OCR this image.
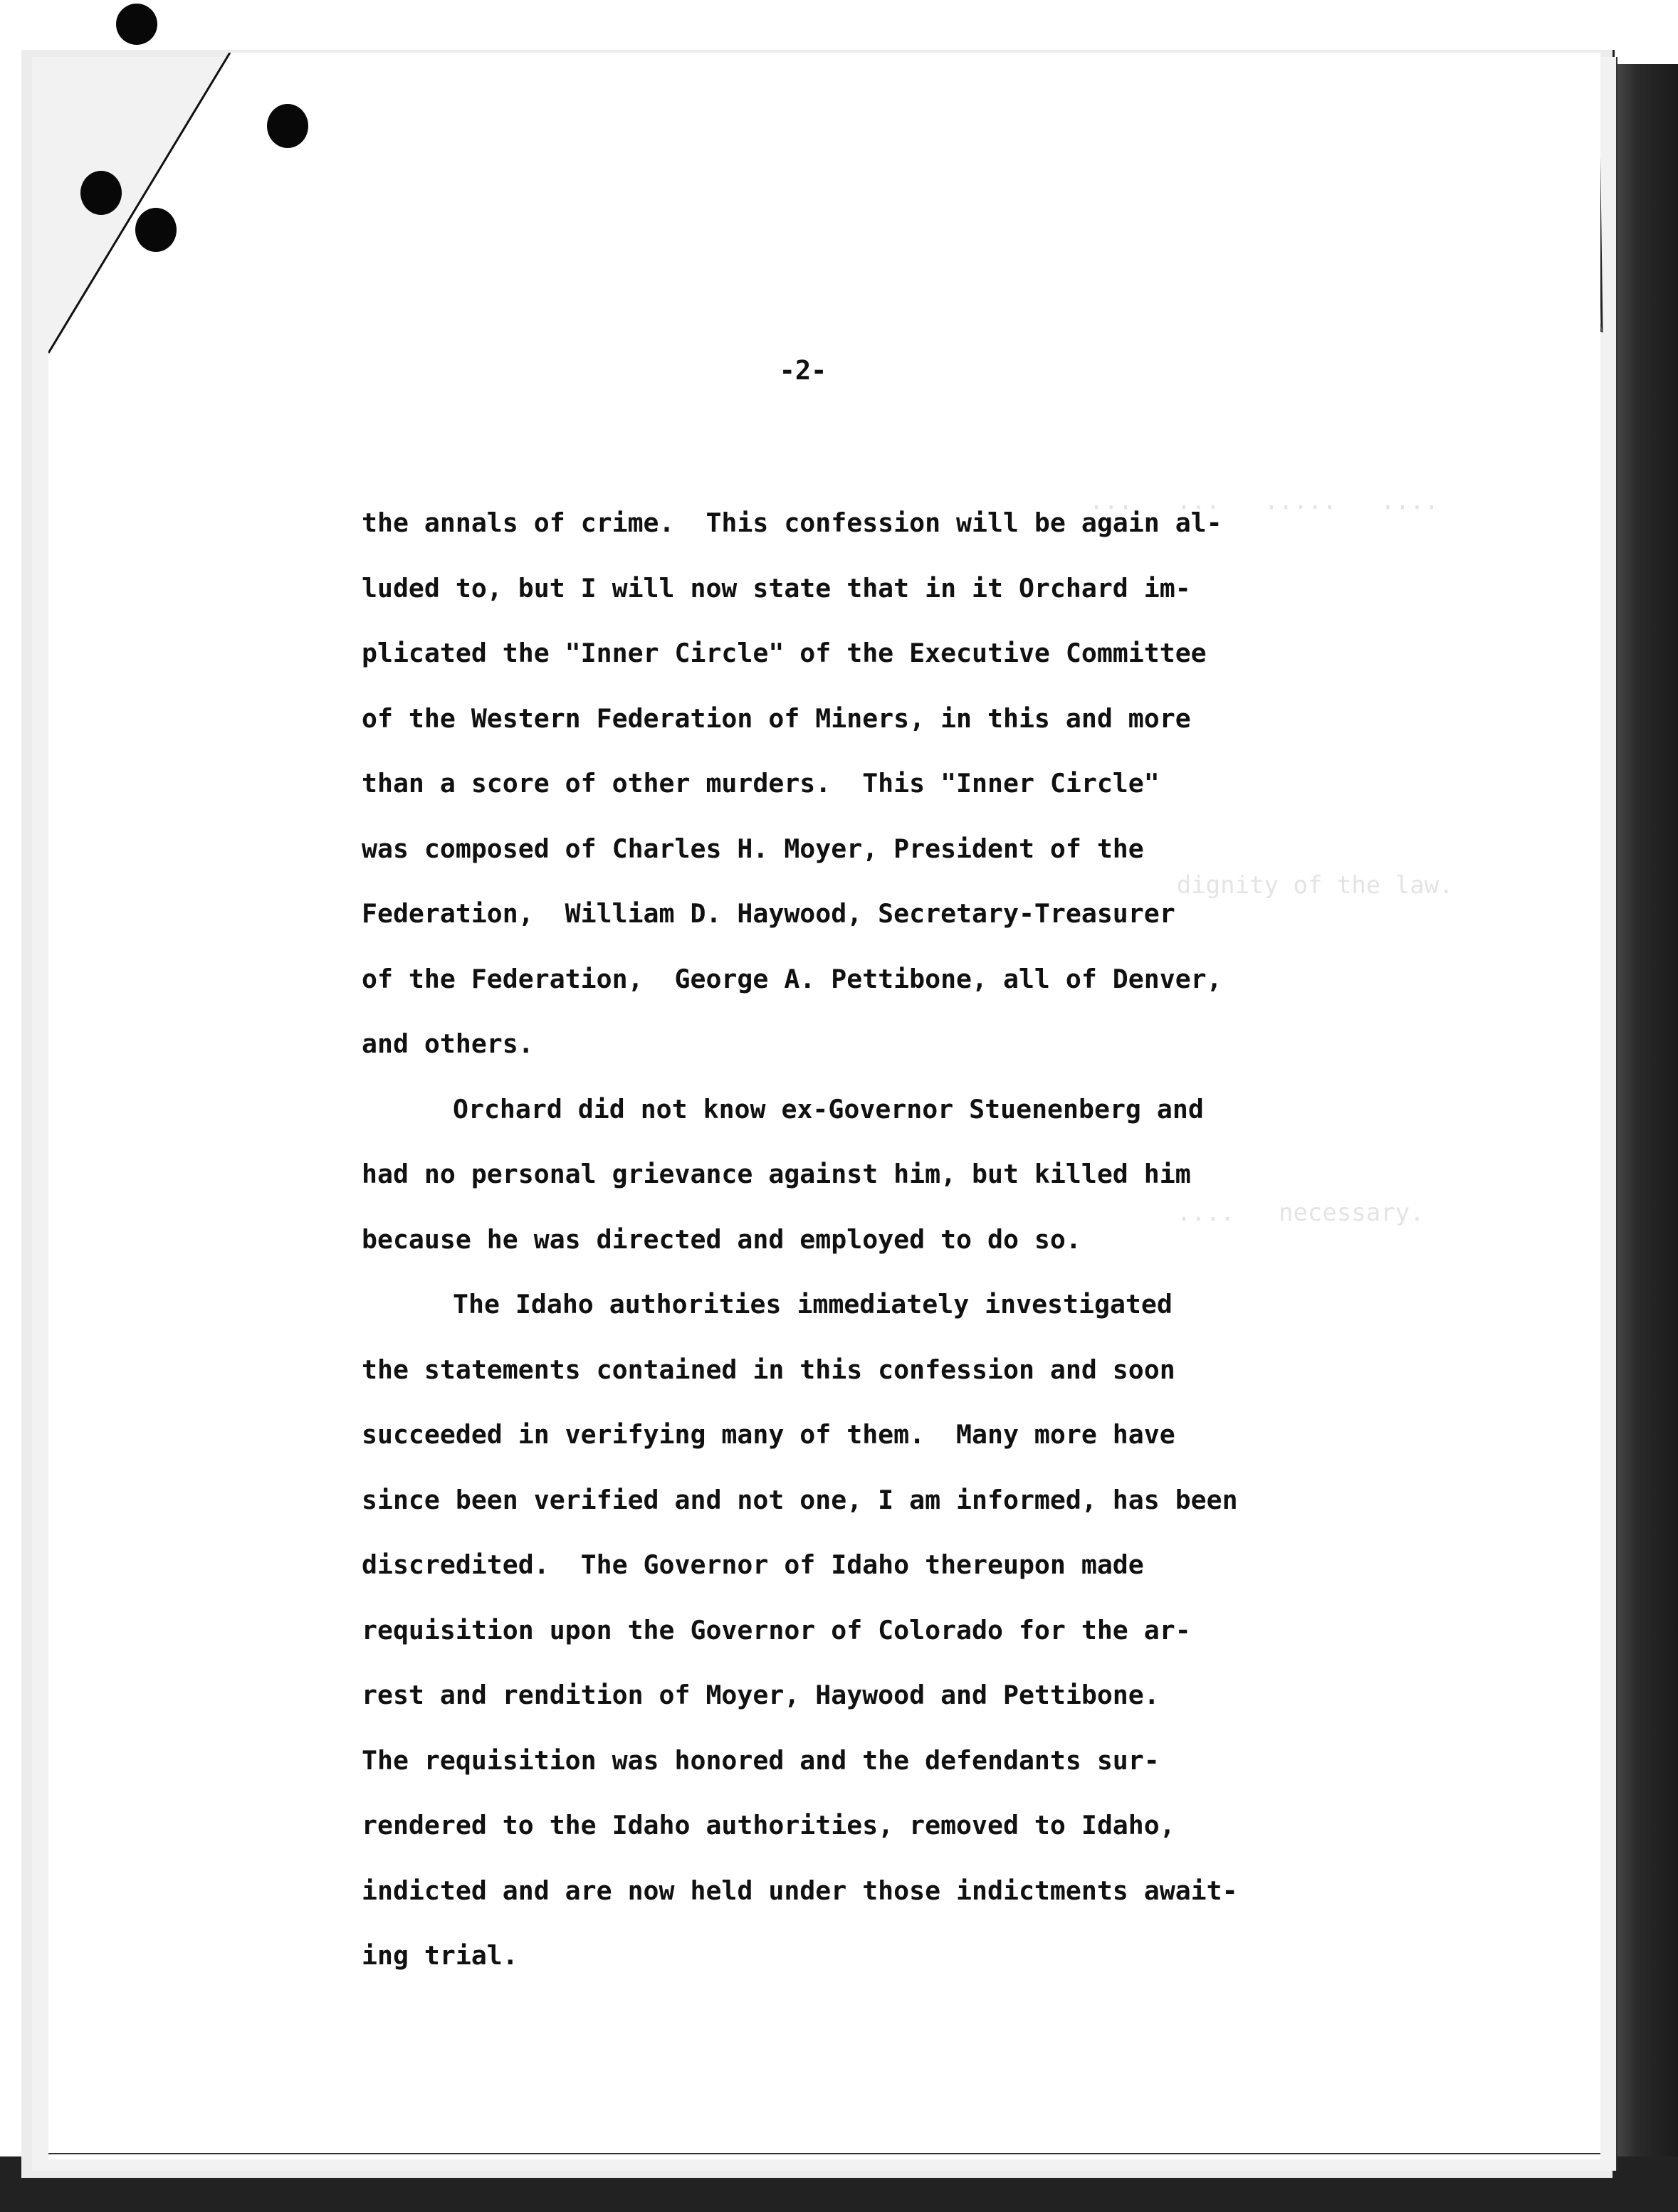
...   ...   .....   ....
dignity of the law.
....   necessary.
-2-
the annals of crime.  This confession will be again al-
luded to, but I will now state that in it Orchard im-
plicated the "Inner Circle" of the Executive Committee
of the Western Federation of Miners, in this and more
than a score of other murders.  This "Inner Circle"
was composed of Charles H. Moyer, President of the
Federation,  William D. Haywood, Secretary-Treasurer
of the Federation,  George A. Pettibone, all of Denver,
and others.
Orchard did not know ex-Governor Stuenenberg and
had no personal grievance against him, but killed him
because he was directed and employed to do so.
The Idaho authorities immediately investigated
the statements contained in this confession and soon
succeeded in verifying many of them.  Many more have
since been verified and not one, I am informed, has been
discredited.  The Governor of Idaho thereupon made
requisition upon the Governor of Colorado for the ar-
rest and rendition of Moyer, Haywood and Pettibone.
The requisition was honored and the defendants sur-
rendered to the Idaho authorities, removed to Idaho,
indicted and are now held under those indictments await-
ing trial.
